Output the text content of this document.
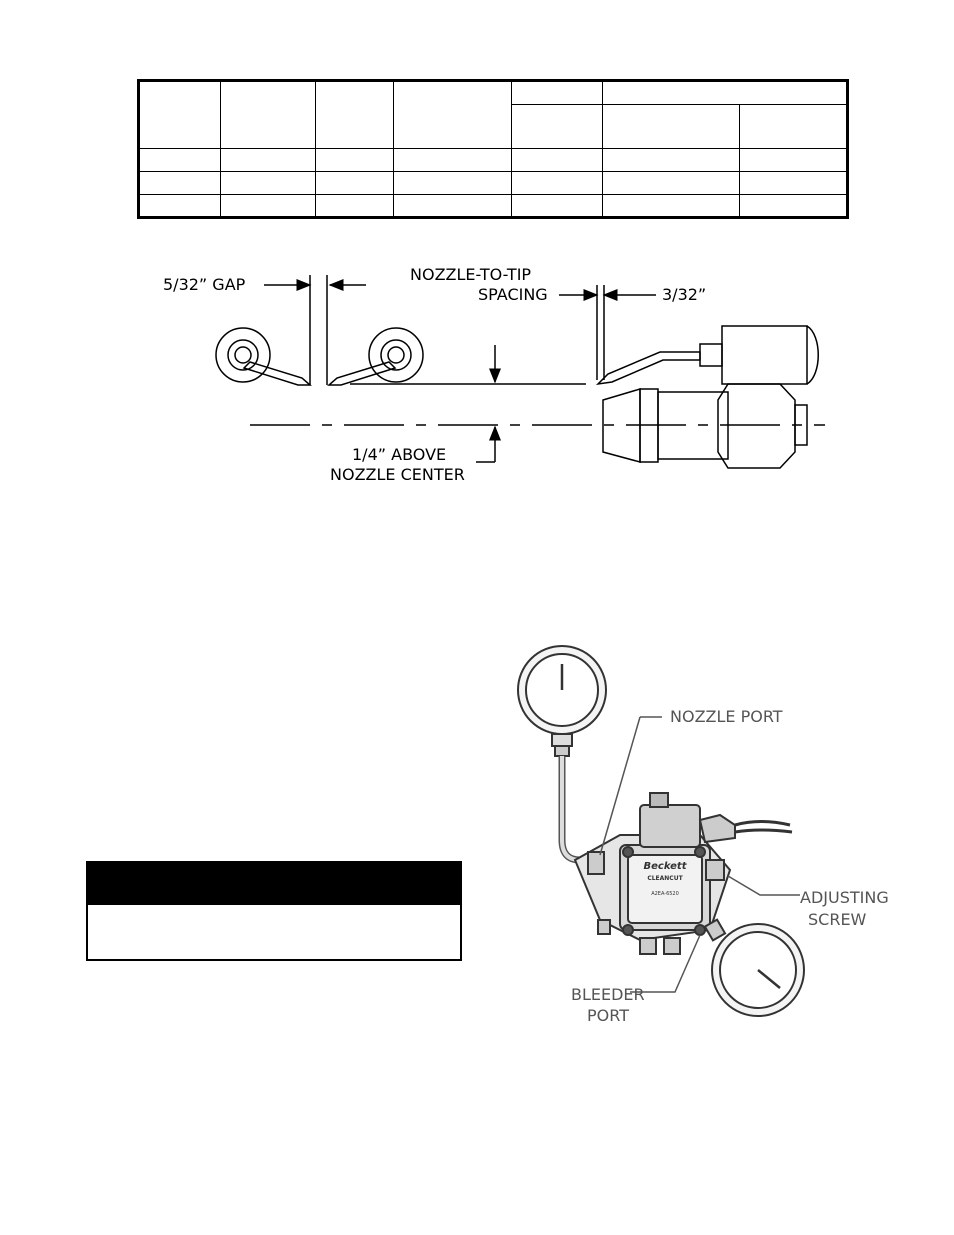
5/32” GAP
NOZZLE-TO-TIP
SPACING	3/32”
1/4” ABOVE
NOZZLE CENTER
Beckett
CLEANCUT
A2EA-6520
NOZZLE PORT
ADJUSTING
SCREW
BLEEDER
PORT
